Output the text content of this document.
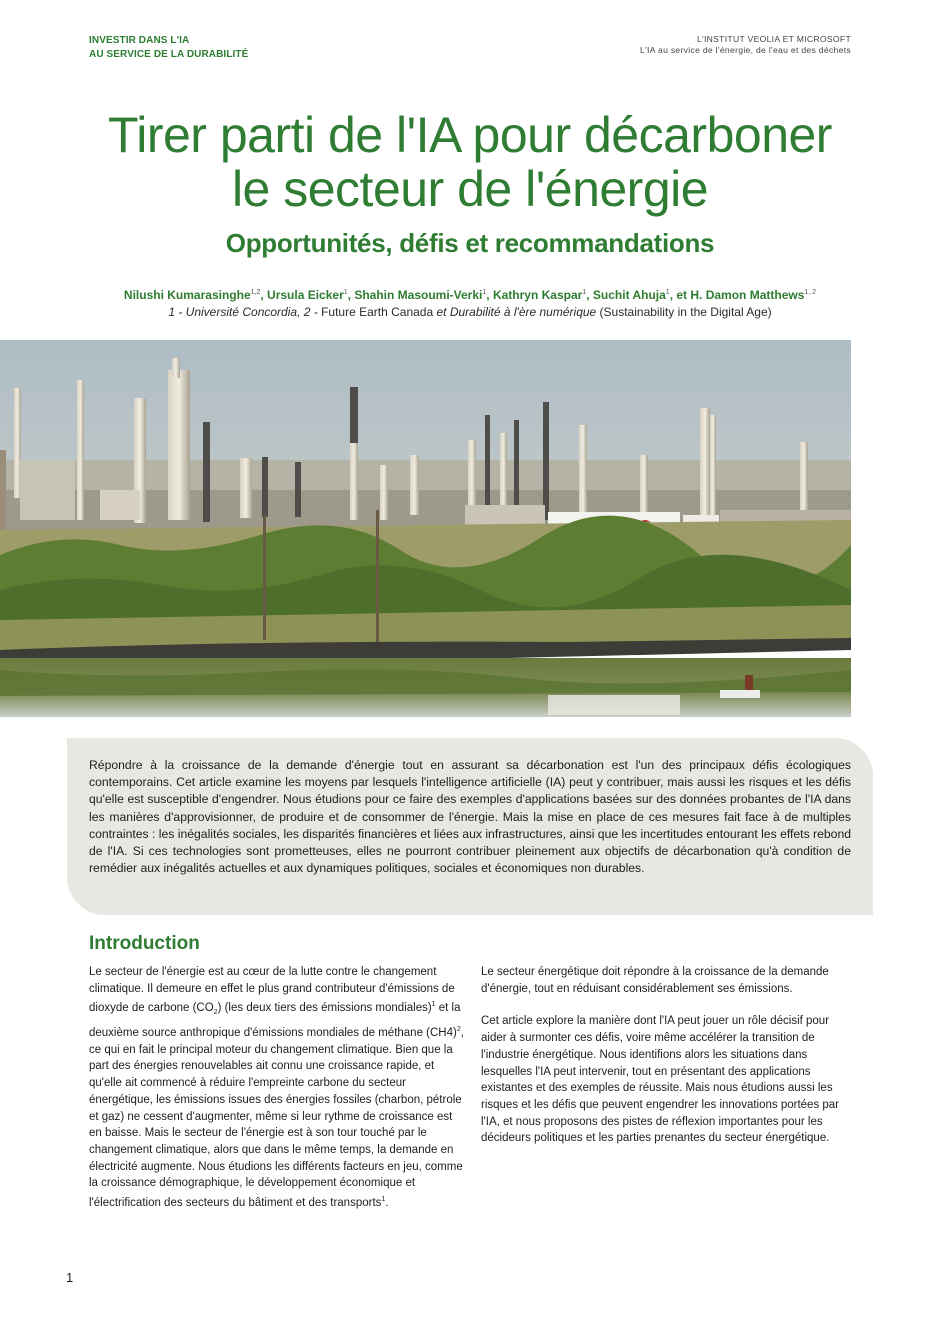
INVESTIR DANS L'IA
AU SERVICE DE LA DURABILITÉ
L'INSTITUT VEOLIA ET MICROSOFT
L'IA au service de l'énergie, de l'eau et des déchets
Tirer parti de l'IA pour décarboner
le secteur de l'énergie
Opportunités, défis et recommandations
Nilushi Kumarasinghe$^{1,2}$, Ursula Eicker$^1$, Shahin Masoumi-Verki$^1$, Kathryn Kaspar$^1$, Suchit Ahuja$^1$, et H. Damon Matthews$^{1, 2}$
1 - Université Concordia, 2 - Future Earth Canada et Durabilité à l'ère numérique (Sustainability in the Digital Age)

Répondre à la croissance de la demande d'énergie tout en assurant sa décarbonation est l'un des principaux défis écologiques contemporains. Cet article examine les moyens par lesquels l'intelligence artificielle (IA) peut y contribuer, mais aussi les risques et les défis qu'elle est susceptible d'engendrer. Nous étudions pour ce faire des exemples d'applications basées sur des données probantes de l'IA dans les manières d'approvisionner, de produire et de consommer de l'énergie. Mais la mise en place de ces mesures fait face à de multiples contraintes : les inégalités sociales, les disparités financières et liées aux infrastructures, ainsi que les incertitudes entourant les effets rebond de l'IA. Si ces technologies sont prometteuses, elles ne pourront contribuer pleinement aux objectifs de décarbonation qu'à condition de remédier aux inégalités actuelles et aux dynamiques politiques, sociales et économiques non durables.

Introduction

Le secteur de l'énergie est au cœur de la lutte contre le changement climatique. Il demeure en effet le plus grand contributeur d'émissions de dioxyde de carbone $(CO_2)$ (les deux tiers des émissions mondiales)$^1$ et la deuxième source anthropique d'émissions mondiales de méthane $(CH4)^2$, ce qui en fait le principal moteur du changement climatique. Bien que la part des énergies renouvelables ait connu une croissance rapide, et qu'elle ait commencé à réduire l'empreinte carbone du secteur énergétique, les émissions issues des énergies fossiles (charbon, pétrole et gaz) ne cessent d'augmenter, même si leur rythme de croissance est en baisse. Mais le secteur de l'énergie est à son tour touché par le changement climatique, alors que dans le même temps, la demande en électricité augmente. Nous étudions les différents facteurs en jeu, comme la croissance démographique, le développement économique et l'électrification des secteurs du bâtiment et des transports$^1$.

Le secteur énergétique doit répondre à la croissance de la demande d'énergie, tout en réduisant considérablement ses émissions.

Cet article explore la manière dont l'IA peut jouer un rôle décisif pour aider à surmonter ces défis, voire même accélérer la transition de l'industrie énergétique. Nous identifions alors les situations dans lesquelles l'IA peut intervenir, tout en présentant des applications existantes et des exemples de réussite. Mais nous étudions aussi les risques et les défis que peuvent engendrer les innovations portées par l'IA, et nous proposons des pistes de réflexion importantes pour les décideurs politiques et les parties prenantes du secteur énergétique.

1
